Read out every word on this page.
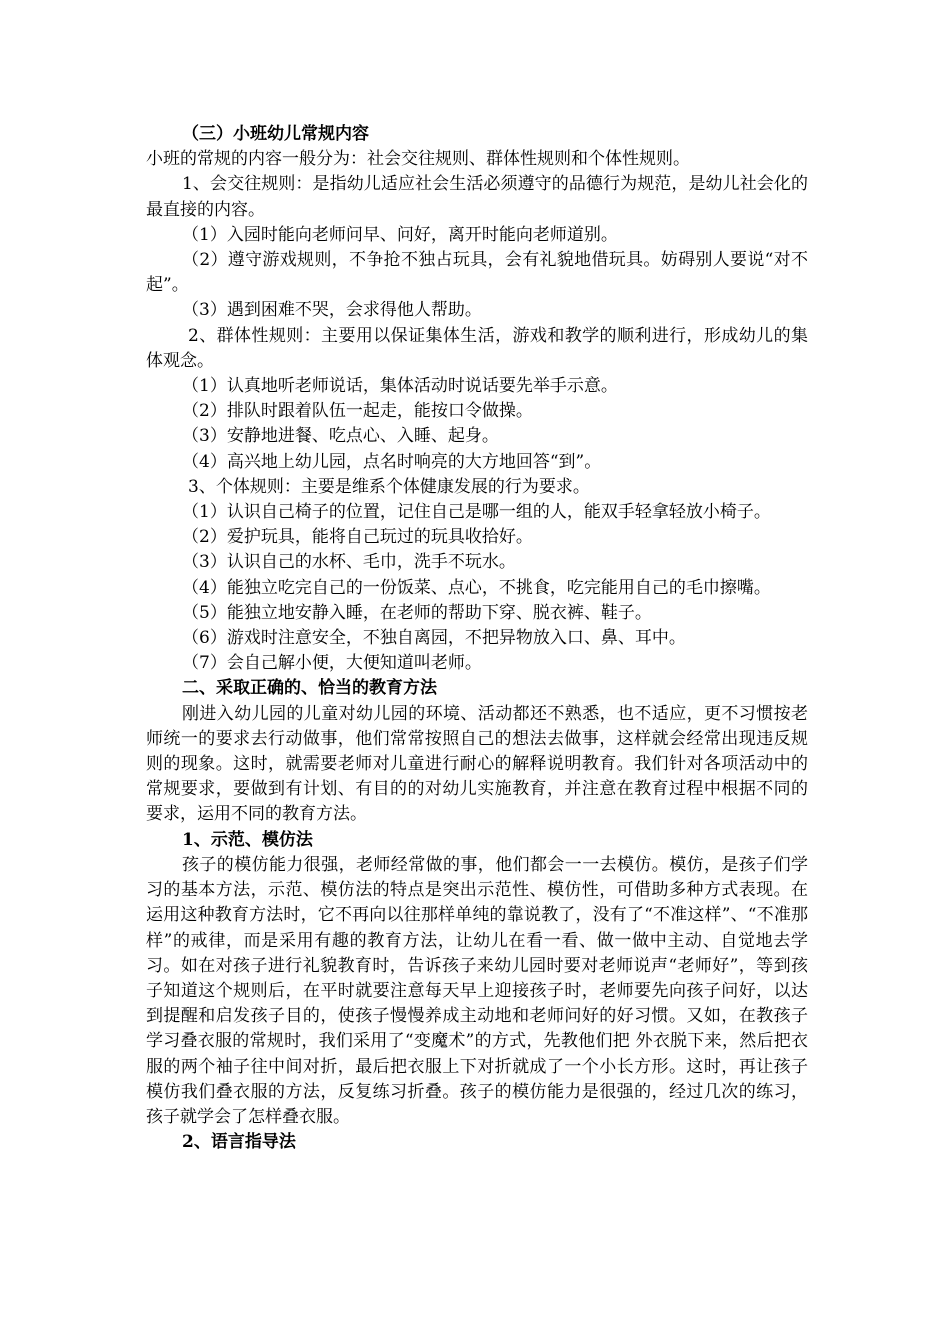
（三）小班幼儿常规内容

小班的常规的内容一般分为：社会交往规则、群体性规则和个体性规则。

1、会交往规则：是指幼儿适应社会生活必须遵守的品德行为规范，是幼儿社会化的最直接的内容。

（1）入园时能向老师问早、问好，离开时能向老师道别。

（2）遵守游戏规则，不争抢不独占玩具，会有礼貌地借玩具。妨碍别人要说“对不起”。

（3）遇到困难不哭，会求得他人帮助。

2、群体性规则：主要用以保证集体生活，游戏和教学的顺利进行，形成幼儿的集体观念。

（1）认真地听老师说话，集体活动时说话要先举手示意。

（2）排队时跟着队伍一起走，能按口令做操。

（3）安静地进餐、吃点心、入睡、起身。

（4）高兴地上幼儿园，点名时响亮的大方地回答“到”。

3、个体规则：主要是维系个体健康发展的行为要求。

（1）认识自己椅子的位置，记住自己是哪一组的人，能双手轻拿轻放小椅子。

（2）爱护玩具，能将自己玩过的玩具收拾好。

（3）认识自己的水杯、毛巾，洗手不玩水。

（4）能独立吃完自己的一份饭菜、点心，不挑食，吃完能用自己的毛巾擦嘴。

（5）能独立地安静入睡，在老师的帮助下穿、脱衣裤、鞋子。

（6）游戏时注意安全，不独自离园，不把异物放入口、鼻、耳中。

（7）会自己解小便，大便知道叫老师。

二、采取正确的、恰当的教育方法

刚进入幼儿园的儿童对幼儿园的环境、活动都还不熟悉，也不适应，更不习惯按老师统一的要求去行动做事，他们常常按照自己的想法去做事，这样就会经常出现违反规则的现象。这时，就需要老师对儿童进行耐心的解释说明教育。我们针对各项活动中的常规要求，要做到有计划、有目的的对幼儿实施教育，并注意在教育过程中根据不同的要求，运用不同的教育方法。

1、示范、模仿法

孩子的模仿能力很强，老师经常做的事，他们都会一一去模仿。模仿，是孩子们学习的基本方法，示范、模仿法的特点是突出示范性、模仿性，可借助多种方式表现。在运用这种教育方法时，它不再向以往那样单纯的靠说教了，没有了“不准这样”、“不准那样”的戒律，而是采用有趣的教育方法，让幼儿在看一看、做一做中主动、自觉地去学习。如在对孩子进行礼貌教育时，告诉孩子来幼儿园时要对老师说声“老师好”，等到孩子知道这个规则后，在平时就要注意每天早上迎接孩子时，老师要先向孩子问好，以达到提醒和启发孩子目的，使孩子慢慢养成主动地和老师问好的好习惯。又如，在教孩子学习叠衣服的常规时，我们采用了“变魔术”的方式，先教他们把 外衣脱下来，然后把衣服的两个袖子往中间对折，最后把衣服上下对折就成了一个小长方形。这时，再让孩子模仿我们叠衣服的方法，反复练习折叠。孩子的模仿能力是很强的，经过几次的练习，孩子就学会了怎样叠衣服。

2、语言指导法
